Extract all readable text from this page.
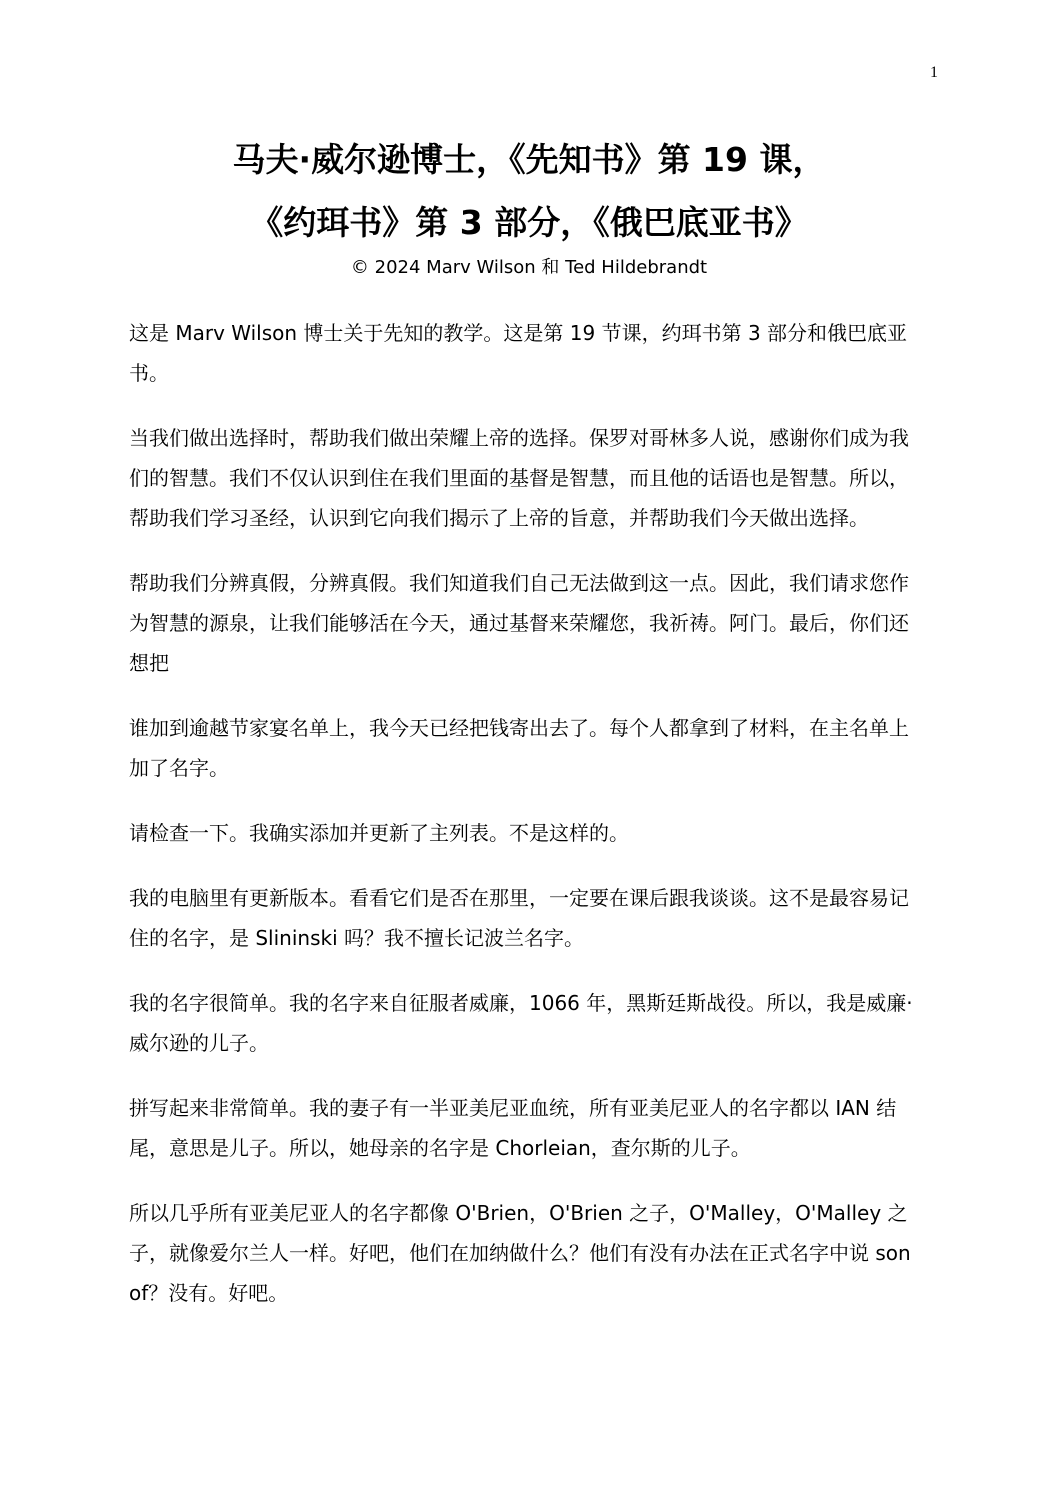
1
马夫·威尔逊博士，《先知书》第 19 课，
《约珥书》第 3 部分，《俄巴底亚书》
© 2024 Marv Wilson 和 Ted Hildebrandt

这是 Marv Wilson 博士关于先知的教学。这是第 19 节课，约珥书第 3 部分和俄巴底亚书。

当我们做出选择时，帮助我们做出荣耀上帝的选择。保罗对哥林多人说，感谢你们成为我们的智慧。我们不仅认识到住在我们里面的基督是智慧，而且他的话语也是智慧。所以，帮助我们学习圣经，认识到它向我们揭示了上帝的旨意，并帮助我们今天做出选择。

帮助我们分辨真假，分辨真假。我们知道我们自己无法做到这一点。因此，我们请求您作为智慧的源泉，让我们能够活在今天，通过基督来荣耀您，我祈祷。阿门。最后，你们还想把

谁加到逾越节家宴名单上，我今天已经把钱寄出去了。每个人都拿到了材料，在主名单上加了名字。

请检查一下。我确实添加并更新了主列表。不是这样的。

我的电脑里有更新版本。看看它们是否在那里，一定要在课后跟我谈谈。这不是最容易记住的名字，是 Slininski 吗？我不擅长记波兰名字。

我的名字很简单。我的名字来自征服者威廉，1066 年，黑斯廷斯战役。所以，我是威廉·威尔逊的儿子。

拼写起来非常简单。我的妻子有一半亚美尼亚血统，所有亚美尼亚人的名字都以 IAN 结尾，意思是儿子。所以，她母亲的名字是 Chorleian，查尔斯的儿子。

所以几乎所有亚美尼亚人的名字都像 O'Brien，O'Brien 之子，O'Malley，O'Malley 之子，就像爱尔兰人一样。好吧，他们在加纳做什么？他们有没有办法在正式名字中说 son of？没有。好吧。
